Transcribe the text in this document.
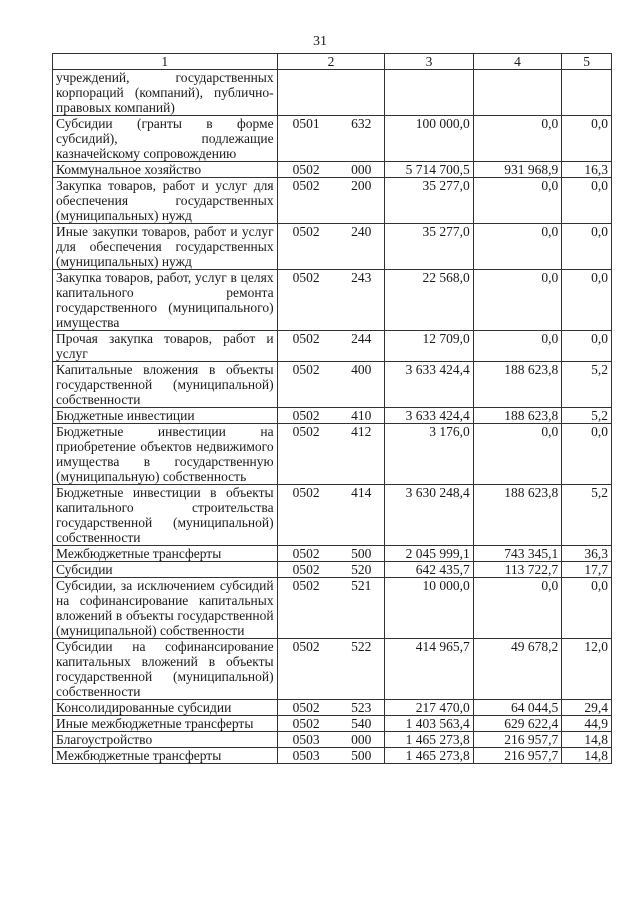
31
1	2	3	4	5
учреждений, государственных корпораций (компаний), публично-правовых компаний)	

Субсидии (гранты в форме субсидий), подлежащие казначейскому сопровождению	0501 632	100 000,0	0,0	0,0
Коммунальное хозяйство	0502 000	5 714 700,5	931 968,9	16,3
Закупка товаров, работ и услуг для обеспечения государственных (муниципальных) нужд	0502 200	35 277,0	0,0	0,0
Иные закупки товаров, работ и услуг для обеспечения государственных (муниципальных) нужд	0502 240	35 277,0	0,0	0,0
Закупка товаров, работ, услуг в целях капитального ремонта государственного (муниципального) имущества	0502 243	22 568,0	0,0	0,0
Прочая закупка товаров, работ и услуг	0502 244	12 709,0	0,0	0,0
Капитальные вложения в объекты государственной (муниципальной) собственности	0502 400	3 633 424,4	188 623,8	5,2
Бюджетные инвестиции	0502 410	3 633 424,4	188 623,8	5,2
Бюджетные инвестиции на приобретение объектов недвижимого имущества в государственную (муниципальную) собственность	0502 412	3 176,0	0,0	0,0
Бюджетные инвестиции в объекты капитального строительства государственной (муниципальной) собственности	0502 414	3 630 248,4	188 623,8	5,2
Межбюджетные трансферты	0502 500	2 045 999,1	743 345,1	36,3
Субсидии	0502 520	642 435,7	113 722,7	17,7
Субсидии, за исключением субсидий на софинансирование капитальных вложений в объекты государственной (муниципальной) собственности	0502 521	10 000,0	0,0	0,0
Субсидии на софинансирование капитальных вложений в объекты государственной (муниципальной) собственности	0502 522	414 965,7	49 678,2	12,0
Консолидированные субсидии	0502 523	217 470,0	64 044,5	29,4
Иные межбюджетные трансферты	0502 540	1 403 563,4	629 622,4	44,9
Благоустройство	0503 000	1 465 273,8	216 957,7	14,8
Межбюджетные трансферты	0503 500	1 465 273,8	216 957,7	14,8
